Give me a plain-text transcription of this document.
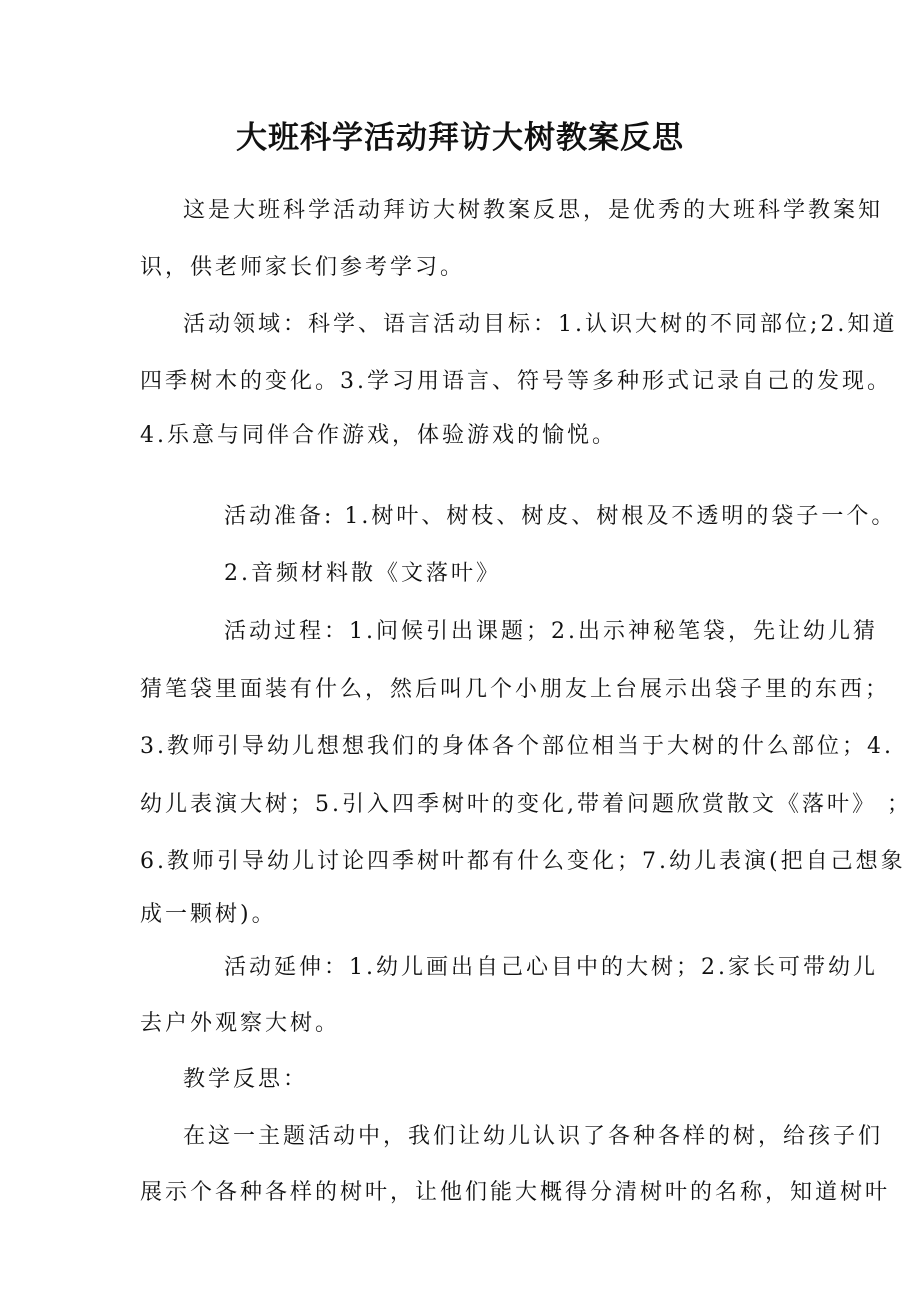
大班科学活动拜访大树教案反思
这是大班科学活动拜访大树教案反思，是优秀的大班科学教案知
识，供老师家长们参考学习。
活动领域：科学、语言活动目标：1.认识大树的不同部位;2.知道
四季树木的变化。3.学习用语言、符号等多种形式记录自己的发现。
4.乐意与同伴合作游戏，体验游戏的愉悦。
活动准备: 1.树叶、树枝、树皮、树根及不透明的袋子一个。
2.音频材料散《文落叶》
活动过程：1.问候引出课题；2.出示神秘笔袋，先让幼儿猜
猜笔袋里面装有什么，然后叫几个小朋友上台展示出袋子里的东西；
3.教师引导幼儿想想我们的身体各个部位相当于大树的什么部位；4.
幼儿表演大树；5.引入四季树叶的变化,带着问题欣赏散文《落叶》 ；
6.教师引导幼儿讨论四季树叶都有什么变化；7.幼儿表演(把自己想象
成一颗树)。
活动延伸：1.幼儿画出自己心目中的大树；2.家长可带幼儿
去户外观察大树。
教学反思：
在这一主题活动中，我们让幼儿认识了各种各样的树，给孩子们
展示个各种各样的树叶，让他们能大概得分清树叶的名称，知道树叶
